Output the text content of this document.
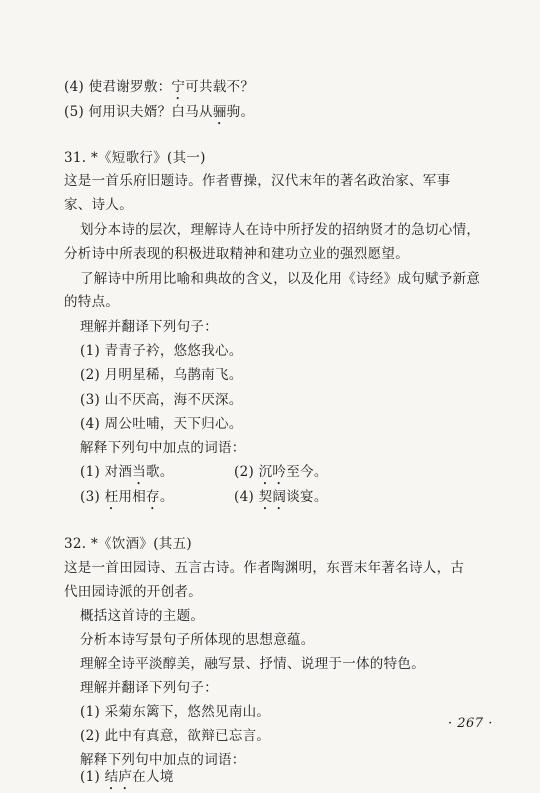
(4) 使君谢罗敷：宁可共载不？
(5) 何用识夫婿？白马从骊驹。
31. *《短歌行》(其一)
这是一首乐府旧题诗。作者曹操，汉代末年的著名政治家、军事
家、诗人。
划分本诗的层次，理解诗人在诗中所抒发的招纳贤才的急切心情，
分析诗中所表现的积极进取精神和建功立业的强烈愿望。
了解诗中所用比喻和典故的含义，以及化用《诗经》成句赋予新意
的特点。
理解并翻译下列句子：
(1) 青青子衿，悠悠我心。
(2) 月明星稀，乌鹊南飞。
(3) 山不厌高，海不厌深。
(4) 周公吐哺，天下归心。
解释下列句中加点的词语：
(1) 对酒当歌。	(2) 沉吟至今。
(3) 枉用相存。	(4) 契阔谈宴。
32. *《饮酒》(其五)
这是一首田园诗、五言古诗。作者陶渊明，东晋末年著名诗人，古
代田园诗派的开创者。
概括这首诗的主题。
分析本诗写景句子所体现的思想意蕴。
理解全诗平淡醇美，融写景、抒情、说理于一体的特色。
理解并翻译下列句子：
(1) 采菊东篱下，悠然见南山。
(2) 此中有真意，欲辩已忘言。
解释下列句中加点的词语：
(1) 结庐在人境
· 267 ·
